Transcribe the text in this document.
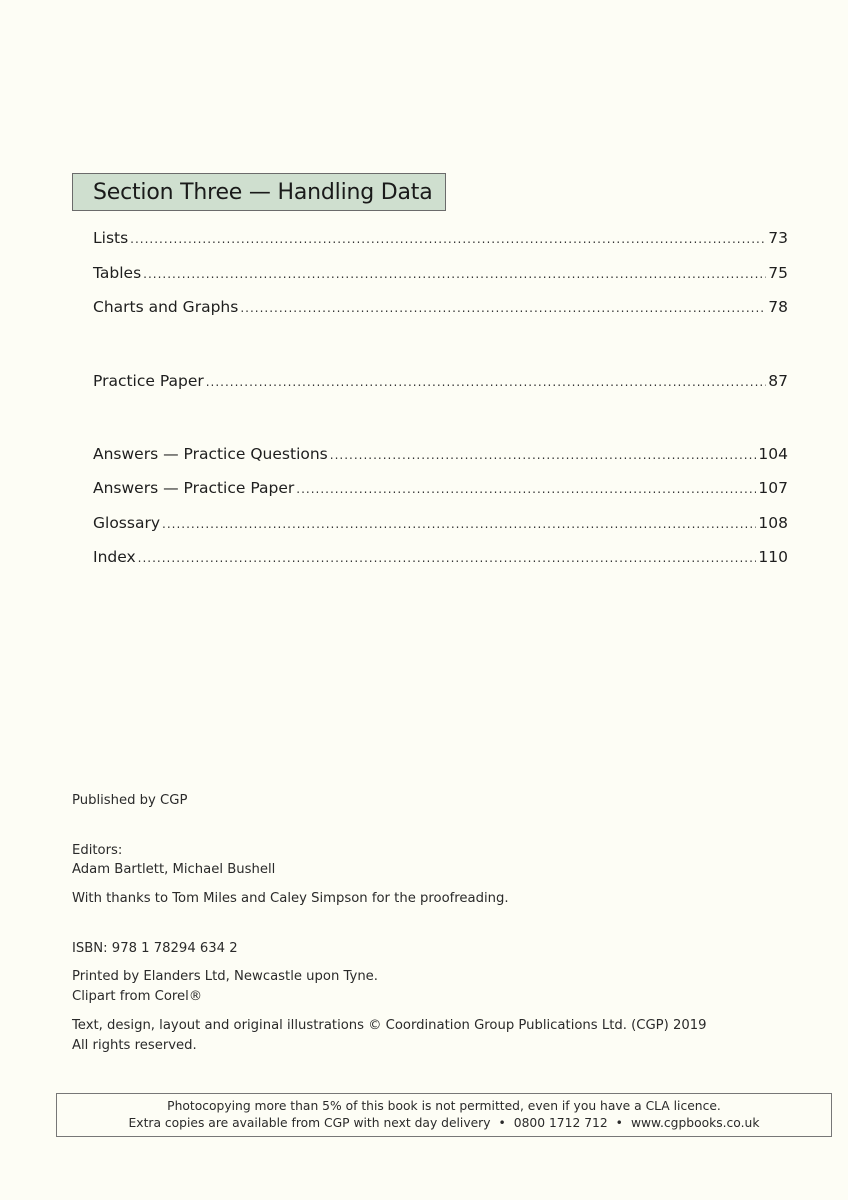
Section Three — Handling Data
Lists .....	73
Tables .....	75
Charts and Graphs .....	78
Practice Paper .....	87
Answers — Practice Questions .....	104
Answers — Practice Paper .....	107
Glossary .....	108
Index .....	110
Published by CGP
Editors:
Adam Bartlett, Michael Bushell
With thanks to Tom Miles and Caley Simpson for the proofreading.
ISBN: 978 1 78294 634 2
Printed by Elanders Ltd, Newcastle upon Tyne.
Clipart from Corel®
Text, design, layout and original illustrations © Coordination Group Publications Ltd. (CGP) 2019
All rights reserved.
Photocopying more than 5% of this book is not permitted, even if you have a CLA licence.
Extra copies are available from CGP with next day delivery • 0800 1712 712 • www.cgpbooks.co.uk
